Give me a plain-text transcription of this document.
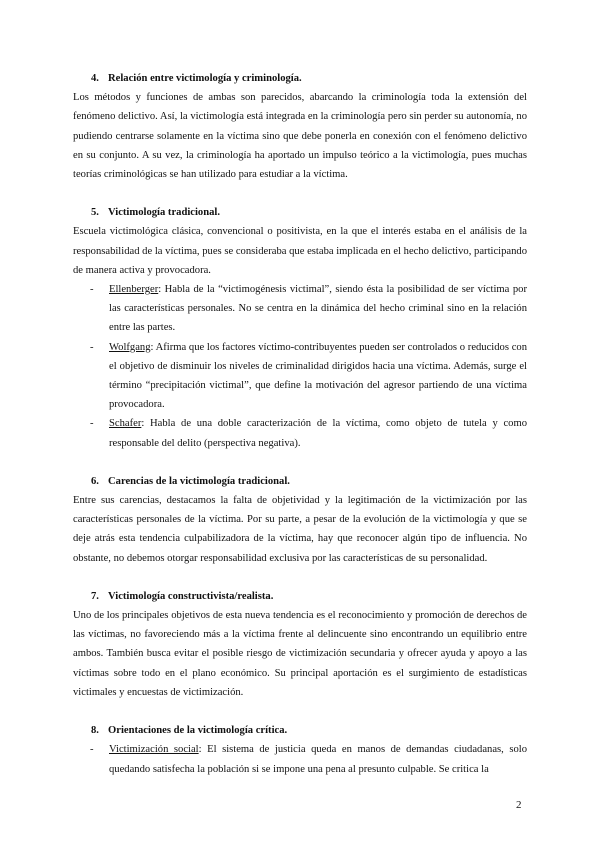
4. Relación entre victimología y criminología.

Los métodos y funciones de ambas son parecidos, abarcando la criminología toda la extensión del fenómeno delictivo. Así, la victimología está integrada en la criminología pero sin perder su autonomía, no pudiendo centrarse solamente en la víctima sino que debe ponerla en conexión con el fenómeno delictivo en su conjunto. A su vez, la criminología ha aportado un impulso teórico a la victimología, pues muchas teorías criminológicas se han utilizado para estudiar a la víctima.

5. Victimología tradicional.

Escuela victimológica clásica, convencional o positivista, en la que el interés estaba en el análisis de la responsabilidad de la víctima, pues se consideraba que estaba implicada en el hecho delictivo, participando de manera activa y provocadora.

- Ellenberger: Habla de la “victimogénesis victimal”, siendo ésta la posibilidad de ser víctima por las características personales. No se centra en la dinámica del hecho criminal sino en la relación entre las partes.
- Wolfgang: Afirma que los factores víctimo-contribuyentes pueden ser controlados o reducidos con el objetivo de disminuir los niveles de criminalidad dirigidos hacia una víctima. Además, surge el término “precipitación victimal”, que define la motivación del agresor partiendo de una víctima provocadora.
- Schafer: Habla de una doble caracterización de la víctima, como objeto de tutela y como responsable del delito (perspectiva negativa).

6. Carencias de la victimología tradicional.

Entre sus carencias, destacamos la falta de objetividad y la legitimación de la victimización por las características personales de la víctima. Por su parte, a pesar de la evolución de la victimología y que se deje atrás esta tendencia culpabilizadora de la víctima, hay que reconocer algún tipo de influencia. No obstante, no debemos otorgar responsabilidad exclusiva por las características de su personalidad.

7. Victimología constructivista/realista.

Uno de los principales objetivos de esta nueva tendencia es el reconocimiento y promoción de derechos de las víctimas, no favoreciendo más a la víctima frente al delincuente sino encontrando un equilibrio entre ambos. También busca evitar el posible riesgo de victimización secundaria y ofrecer ayuda y apoyo a las víctimas sobre todo en el plano económico. Su principal aportación es el surgimiento de estadísticas victimales y encuestas de victimización.

8. Orientaciones de la victimología crítica.

- Victimización social: El sistema de justicia queda en manos de demandas ciudadanas, solo quedando satisfecha la población si se impone una pena al presunto culpable. Se critica la
2
